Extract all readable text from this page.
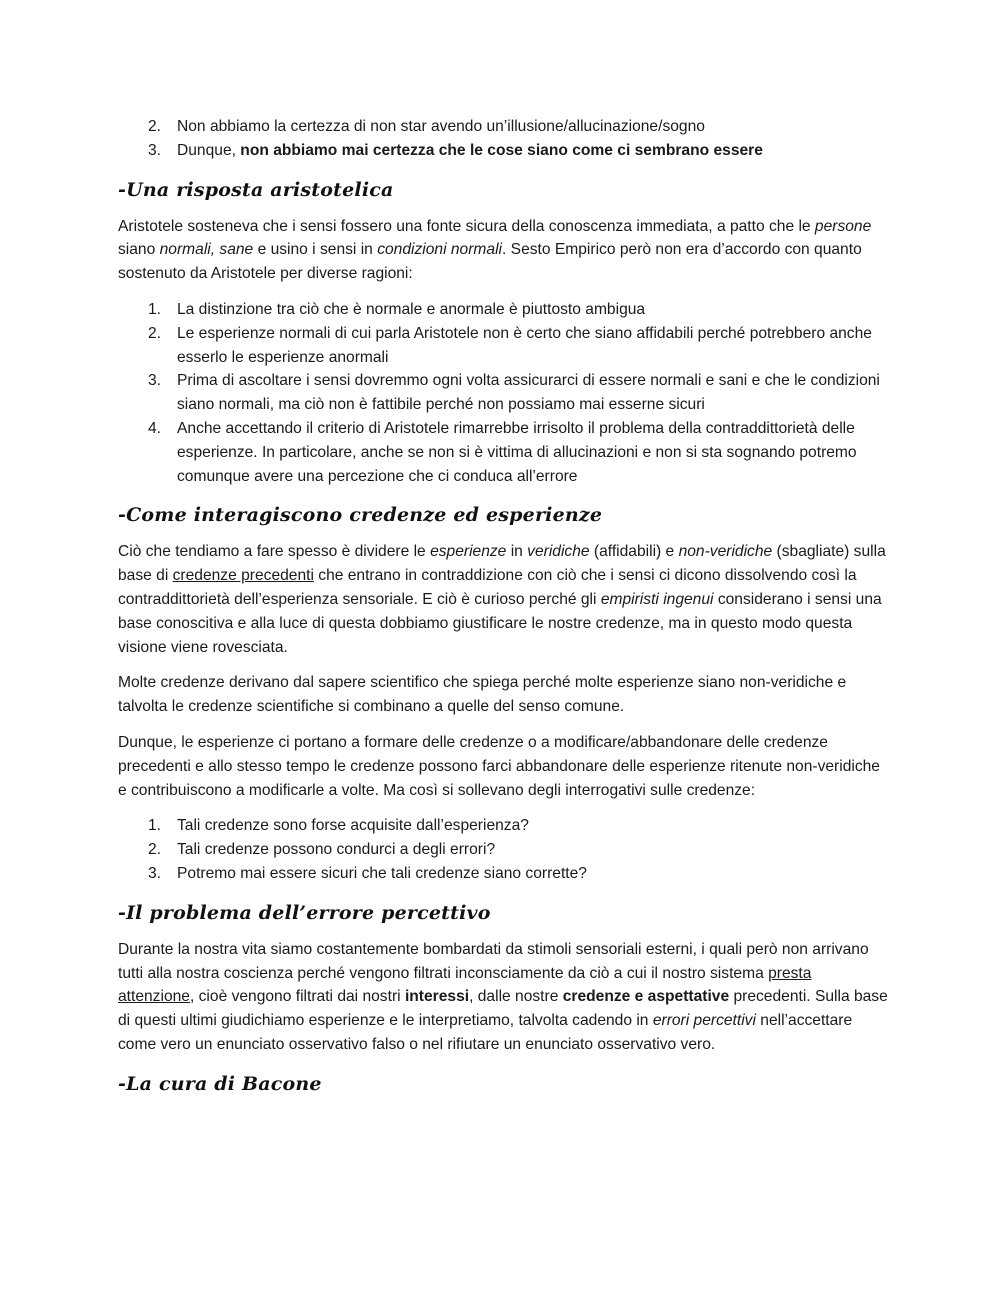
2. Non abbiamo la certezza di non star avendo un’illusione/allucinazione/sogno
3. Dunque, non abbiamo mai certezza che le cose siano come ci sembrano essere
-Una risposta aristotelica

Aristotele sosteneva che i sensi fossero una fonte sicura della conoscenza immediata, a patto che le persone siano normali, sane e usino i sensi in condizioni normali. Sesto Empirico però non era d’accordo con quanto sostenuto da Aristotele per diverse ragioni:

1. La distinzione tra ciò che è normale e anormale è piuttosto ambigua
2. Le esperienze normali di cui parla Aristotele non è certo che siano affidabili perché potrebbero anche esserlo le esperienze anormali
3. Prima di ascoltare i sensi dovremmo ogni volta assicurarci di essere normali e sani e che le condizioni siano normali, ma ciò non è fattibile perché non possiamo mai esserne sicuri
4. Anche accettando il criterio di Aristotele rimarrebbe irrisolto il problema della contraddittorietà delle esperienze. In particolare, anche se non si è vittima di allucinazioni e non si sta sognando potremo comunque avere una percezione che ci conduca all’errore
-Come interagiscono credenze ed esperienze

Ciò che tendiamo a fare spesso è dividere le esperienze in veridiche (affidabili) e non-veridiche (sbagliate) sulla base di credenze precedenti che entrano in contraddizione con ciò che i sensi ci dicono dissolvendo così la contraddittorietà dell’esperienza sensoriale. E ciò è curioso perché gli empiristi ingenui considerano i sensi una base conoscitiva e alla luce di questa dobbiamo giustificare le nostre credenze, ma in questo modo questa visione viene rovesciata.

Molte credenze derivano dal sapere scientifico che spiega perché molte esperienze siano non-veridiche e talvolta le credenze scientifiche si combinano a quelle del senso comune.

Dunque, le esperienze ci portano a formare delle credenze o a modificare/abbandonare delle credenze precedenti e allo stesso tempo le credenze possono farci abbandonare delle esperienze ritenute non-veridiche e contribuiscono a modificarle a volte. Ma così si sollevano degli interrogativi sulle credenze:

1. Tali credenze sono forse acquisite dall’esperienza?
2. Tali credenze possono condurci a degli errori?
3. Potremo mai essere sicuri che tali credenze siano corrette?
-Il problema dell’errore percettivo

Durante la nostra vita siamo costantemente bombardati da stimoli sensoriali esterni, i quali però non arrivano tutti alla nostra coscienza perché vengono filtrati inconsciamente da ciò a cui il nostro sistema presta attenzione, cioè vengono filtrati dai nostri interessi, dalle nostre credenze e aspettative precedenti. Sulla base di questi ultimi giudichiamo esperienze e le interpretiamo, talvolta cadendo in errori percettivi nell’accettare come vero un enunciato osservativo falso o nel rifiutare un enunciato osservativo vero.

-La cura di Bacone
